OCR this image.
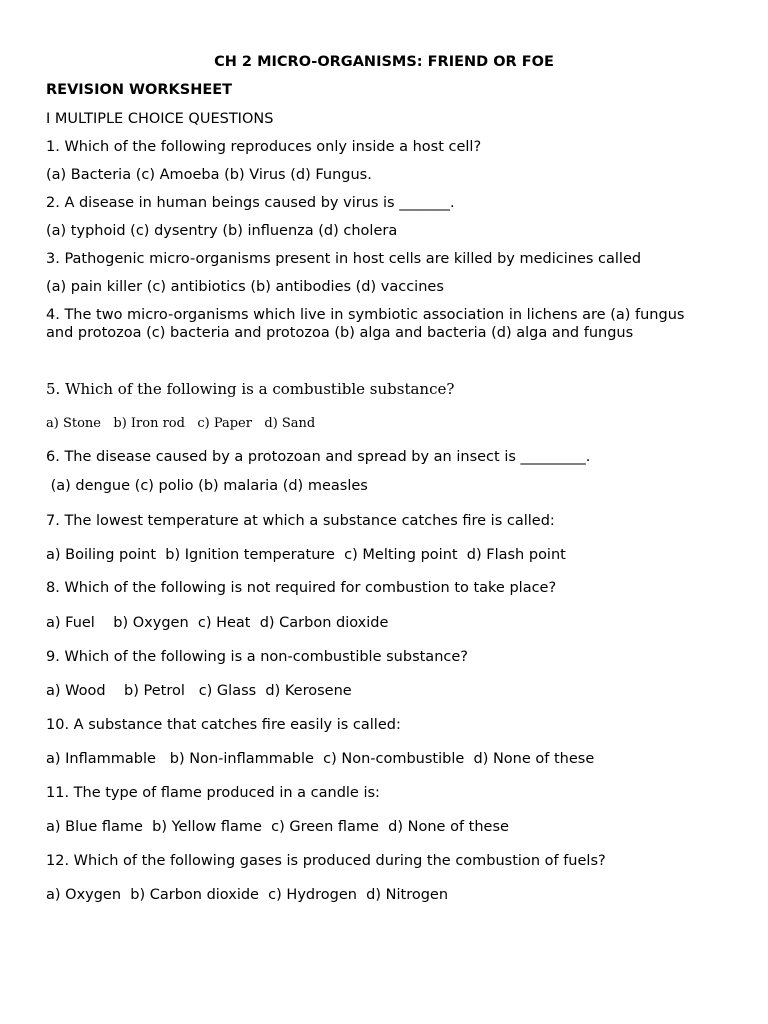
CH 2 MICRO-ORGANISMS: FRIEND OR FOE
REVISION WORKSHEET
I MULTIPLE CHOICE QUESTIONS
1. Which of the following reproduces only inside a host cell?
(a) Bacteria (c) Amoeba (b) Virus (d) Fungus.
2. A disease in human beings caused by virus is _______.
(a) typhoid (c) dysentry (b) influenza (d) cholera
3. Pathogenic micro-organisms present in host cells are killed by medicines called
(a) pain killer (c) antibiotics (b) antibodies (d) vaccines
4. The two micro-organisms which live in symbiotic association in lichens are (a) fungus and protozoa (c) bacteria and protozoa (b) alga and bacteria (d) alga and fungus
5. Which of the following is a combustible substance?
a) Stone   b) Iron rod   c) Paper   d) Sand
6. The disease caused by a protozoan and spread by an insect is _________.
(a) dengue (c) polio (b) malaria (d) measles
7. The lowest temperature at which a substance catches fire is called:
a) Boiling point  b) Ignition temperature  c) Melting point  d) Flash point
8. Which of the following is not required for combustion to take place?
a) Fuel    b) Oxygen  c) Heat  d) Carbon dioxide
9. Which of the following is a non-combustible substance?
a) Wood    b) Petrol   c) Glass  d) Kerosene
10. A substance that catches fire easily is called:
a) Inflammable   b) Non-inflammable  c) Non-combustible  d) None of these
11. The type of flame produced in a candle is:
a) Blue flame  b) Yellow flame  c) Green flame  d) None of these
12. Which of the following gases is produced during the combustion of fuels?
a) Oxygen  b) Carbon dioxide  c) Hydrogen  d) Nitrogen
